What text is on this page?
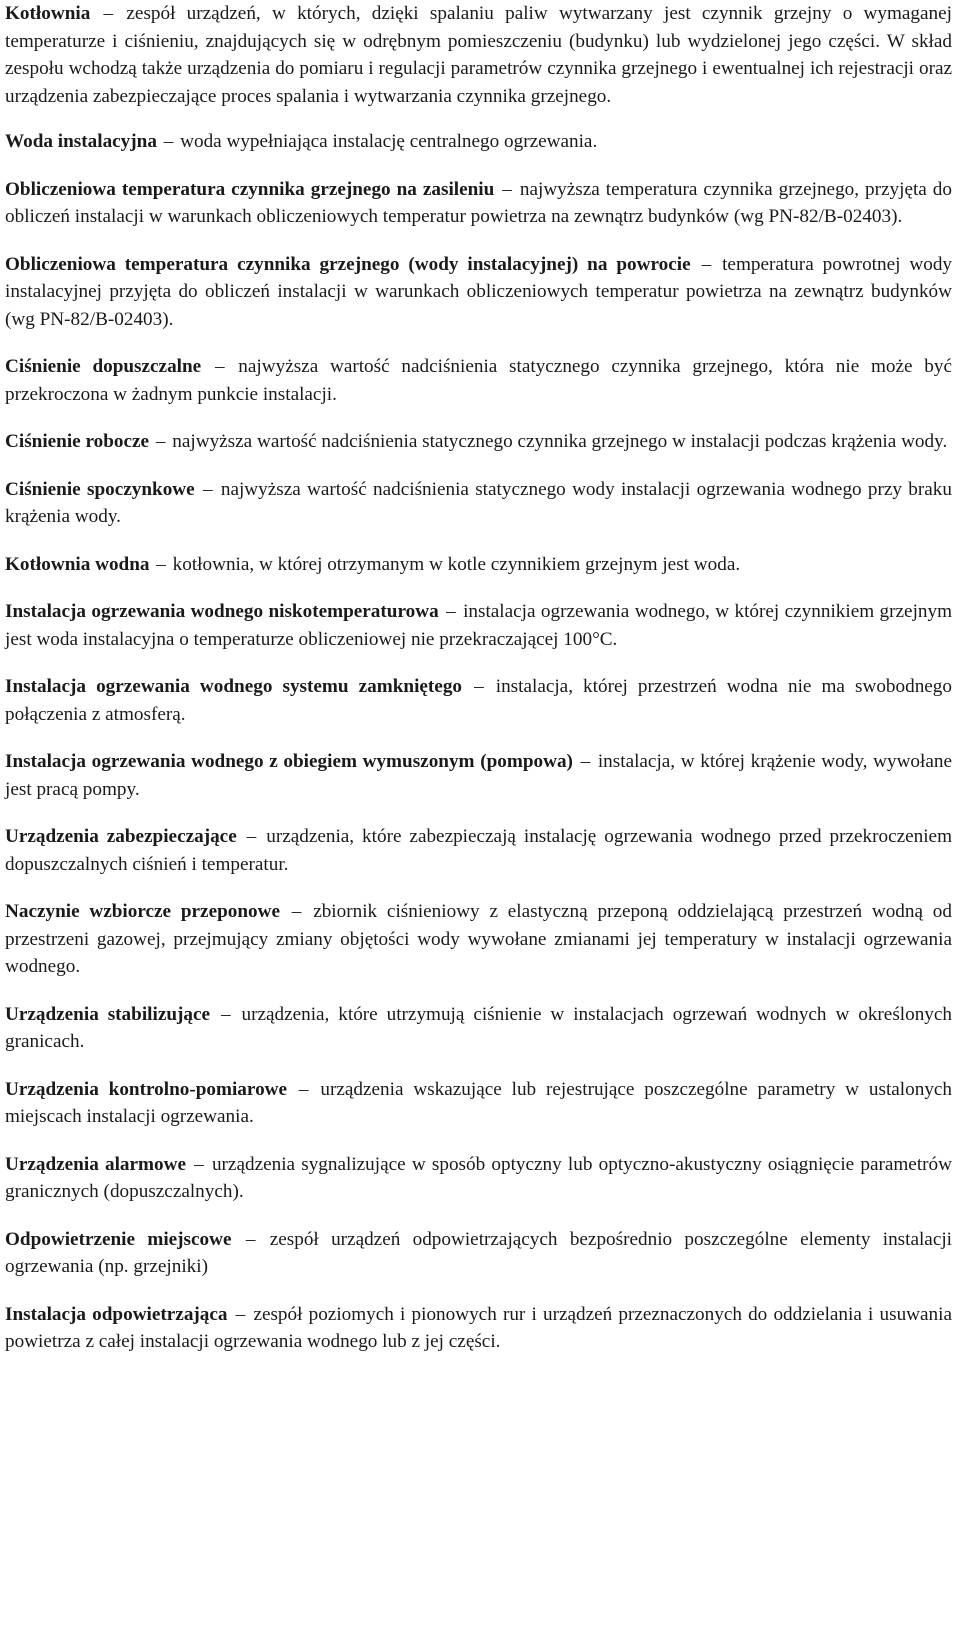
Kotłownia – zespół urządzeń, w których, dzięki spalaniu paliw wytwarzany jest czynnik grzejny o wymaganej temperaturze i ciśnieniu, znajdujących się w odrębnym pomieszczeniu (budynku) lub wydzielonej jego części. W skład zespołu wchodzą także urządzenia do pomiaru i regulacji parametrów czynnika grzejnego i ewentualnej ich rejestracji oraz urządzenia zabezpieczające proces spalania i wytwarzania czynnika grzejnego.

Woda instalacyjna – woda wypełniająca instalację centralnego ogrzewania.

Obliczeniowa temperatura czynnika grzejnego na zasileniu – najwyższa temperatura czynnika grzejnego, przyjęta do obliczeń instalacji w warunkach obliczeniowych temperatur powietrza na zewnątrz budynków (wg PN-82/B-02403).

Obliczeniowa temperatura czynnika grzejnego (wody instalacyjnej) na powrocie – temperatura powrotnej wody instalacyjnej przyjęta do obliczeń instalacji w warunkach obliczeniowych temperatur powietrza na zewnątrz budynków (wg PN-82/B-02403).

Ciśnienie dopuszczalne – najwyższa wartość nadciśnienia statycznego czynnika grzejnego, która nie może być przekroczona w żadnym punkcie instalacji.

Ciśnienie robocze – najwyższa wartość nadciśnienia statycznego czynnika grzejnego w instalacji podczas krążenia wody.

Ciśnienie spoczynkowe – najwyższa wartość nadciśnienia statycznego wody instalacji ogrzewania wodnego przy braku krążenia wody.

Kotłownia wodna – kotłownia, w której otrzymanym w kotle czynnikiem grzejnym jest woda.

Instalacja ogrzewania wodnego niskotemperaturowa – instalacja ogrzewania wodnego, w której czynnikiem grzejnym jest woda instalacyjna o temperaturze obliczeniowej nie przekraczającej 100°C.

Instalacja ogrzewania wodnego systemu zamkniętego – instalacja, której przestrzeń wodna nie ma swobodnego połączenia z atmosferą.

Instalacja ogrzewania wodnego z obiegiem wymuszonym (pompowa) – instalacja, w której krążenie wody, wywołane jest pracą pompy.

Urządzenia zabezpieczające – urządzenia, które zabezpieczają instalację ogrzewania wodnego przed przekroczeniem dopuszczalnych ciśnień i temperatur.

Naczynie wzbiorcze przeponowe – zbiornik ciśnieniowy z elastyczną przeponą oddzielającą przestrzeń wodną od przestrzeni gazowej, przejmujący zmiany objętości wody wywołane zmianami jej temperatury w instalacji ogrzewania wodnego.

Urządzenia stabilizujące – urządzenia, które utrzymują ciśnienie w instalacjach ogrzewań wodnych w określonych granicach.

Urządzenia kontrolno-pomiarowe – urządzenia wskazujące lub rejestrujące poszczególne parametry w ustalonych miejscach instalacji ogrzewania.

Urządzenia alarmowe – urządzenia sygnalizujące w sposób optyczny lub optyczno-akustyczny osiągnięcie parametrów granicznych (dopuszczalnych).

Odpowietrzenie miejscowe – zespół urządzeń odpowietrzających bezpośrednio poszczególne elementy instalacji ogrzewania (np. grzejniki)

Instalacja odpowietrzająca – zespół poziomych i pionowych rur i urządzeń przeznaczonych do oddzielania i usuwania powietrza z całej instalacji ogrzewania wodnego lub z jej części.
